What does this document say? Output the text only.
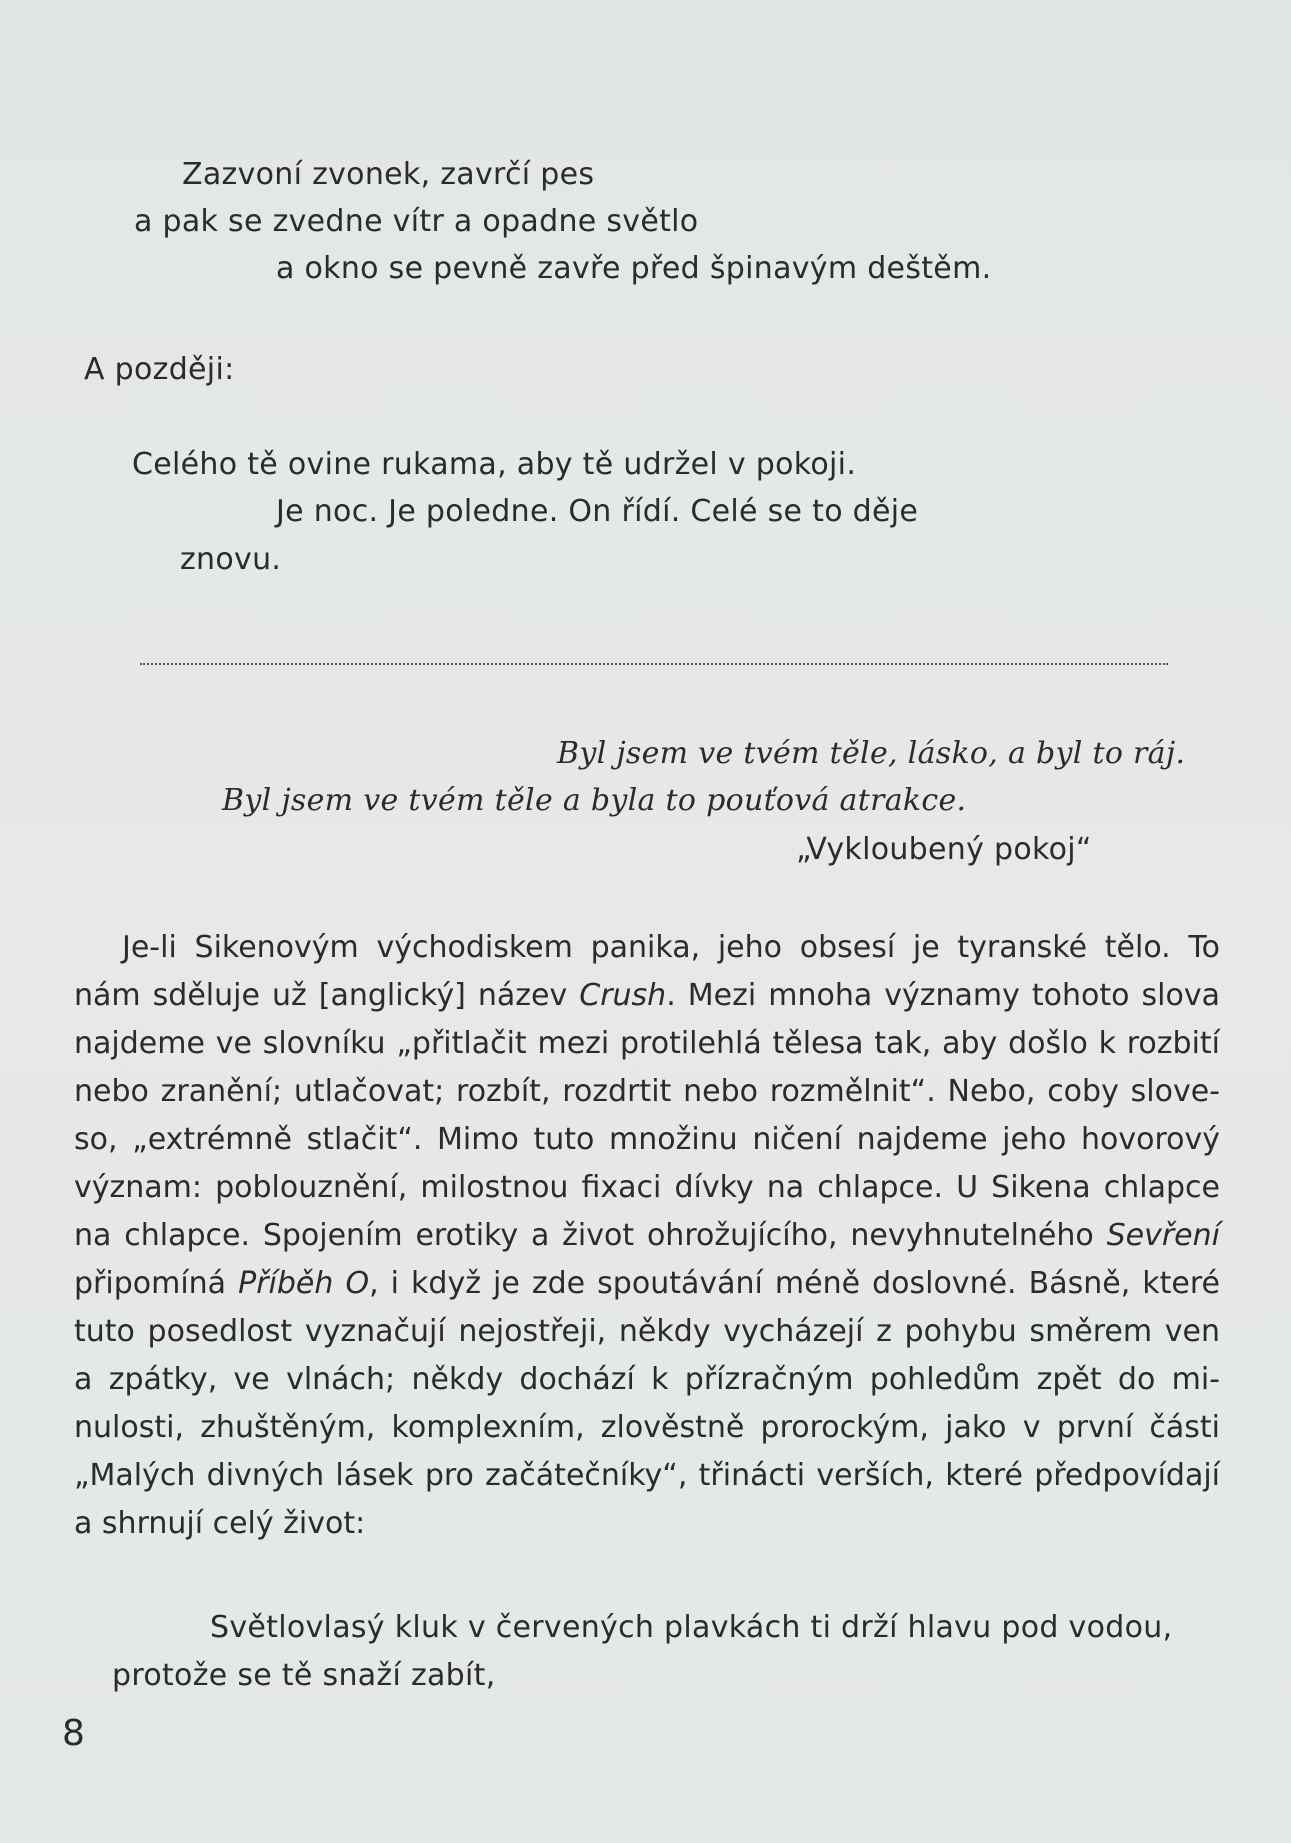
Zazvoní zvonek, zavrčí pes
a pak se zvedne vítr a opadne světlo
a okno se pevně zavře před špinavým deštěm.
A později:
Celého tě ovine rukama, aby tě udržel v pokoji.
Je noc. Je poledne. On řídí. Celé se to děje
znovu.
Byl jsem ve tvém těle, lásko, a byl to ráj.
Byl jsem ve tvém těle a byla to pouťová atrakce.
„Vykloubený pokoj“
Je-li Sikenovým východiskem panika, jeho obsesí je tyranské tělo. To
nám sděluje už [anglický] název Crush. Mezi mnoha významy tohoto slova
najdeme ve slovníku „přitlačit mezi protilehlá tělesa tak, aby došlo k rozbití
nebo zranění; utlačovat; rozbít, rozdrtit nebo rozmělnit“. Nebo, coby slove-
so, „extrémně stlačit“. Mimo tuto množinu ničení najdeme jeho hovorový
význam: poblouznění, milostnou fixaci dívky na chlapce. U Sikena chlapce
na chlapce. Spojením erotiky a život ohrožujícího, nevyhnutelného Sevření
připomíná Příběh O, i když je zde spoutávání méně doslovné. Básně, které
tuto posedlost vyznačují nejostřeji, někdy vycházejí z pohybu směrem ven
a zpátky, ve vlnách; někdy dochází k přízračným pohledům zpět do mi-
nulosti, zhuštěným, komplexním, zlověstně prorockým, jako v první části
„Malých divných lásek pro začátečníky“, třinácti verších, které předpovídají
a shrnují celý život:
Světlovlasý kluk v červených plavkách ti drží hlavu pod vodou,
protože se tě snaží zabít,
8
